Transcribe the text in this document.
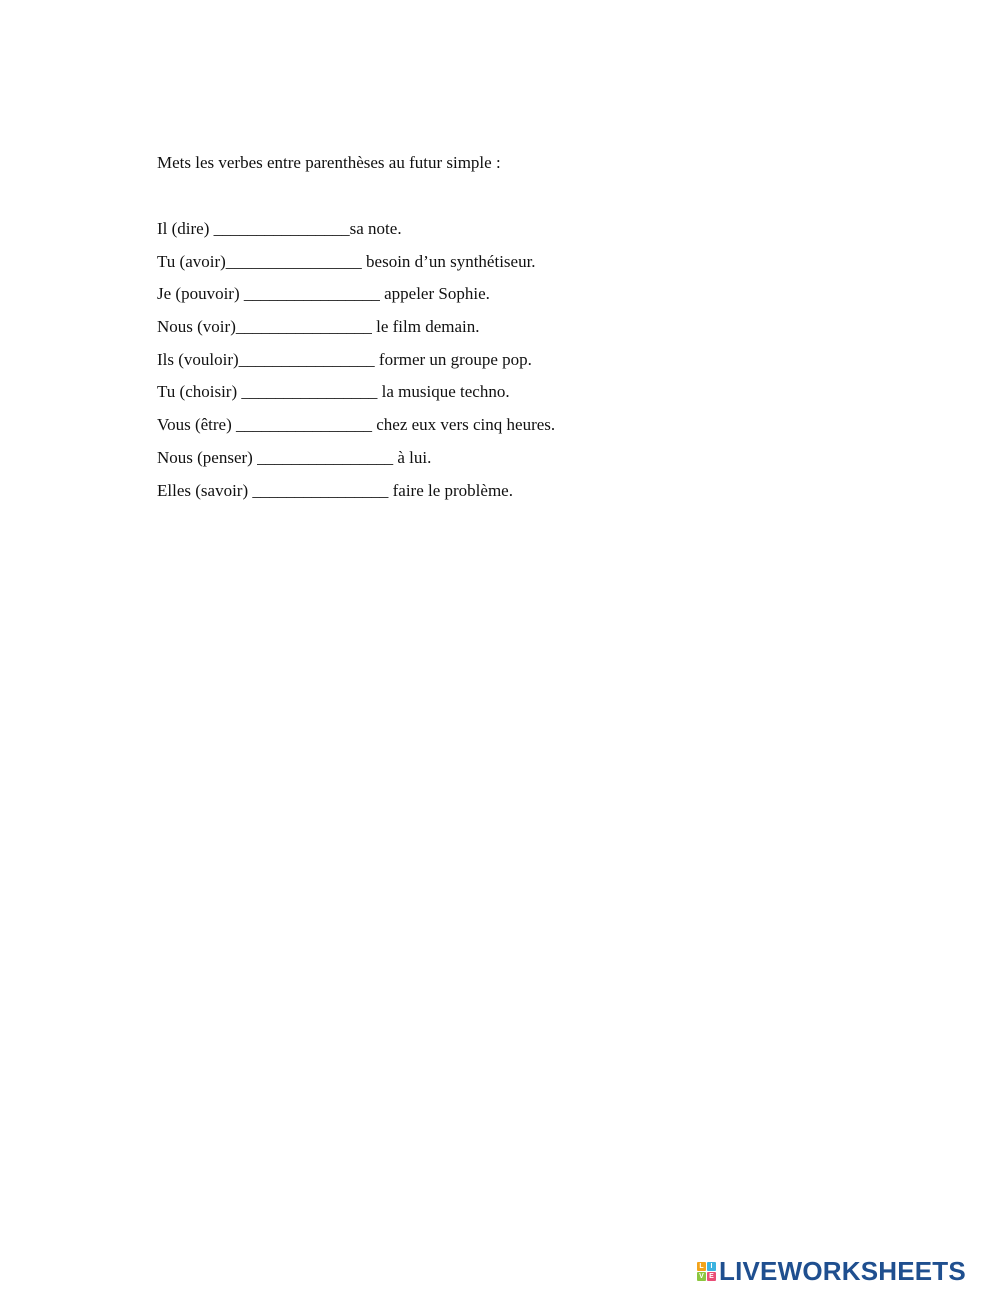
Mets les verbes entre parenthèses au futur simple :
Il (dire) ________________sa note.
Tu (avoir)________________ besoin d’un synthétiseur.
Je (pouvoir) ________________ appeler Sophie.
Nous (voir)________________ le film demain.
Ils (vouloir)________________ former un groupe pop.
Tu (choisir) ________________ la musique techno.
Vous (être) ________________ chez eux vers cinq heures.
Nous (penser) ________________ à lui.
Elles (savoir) ________________ faire le problème.
L I
V E LIVEWORKSHEETS
